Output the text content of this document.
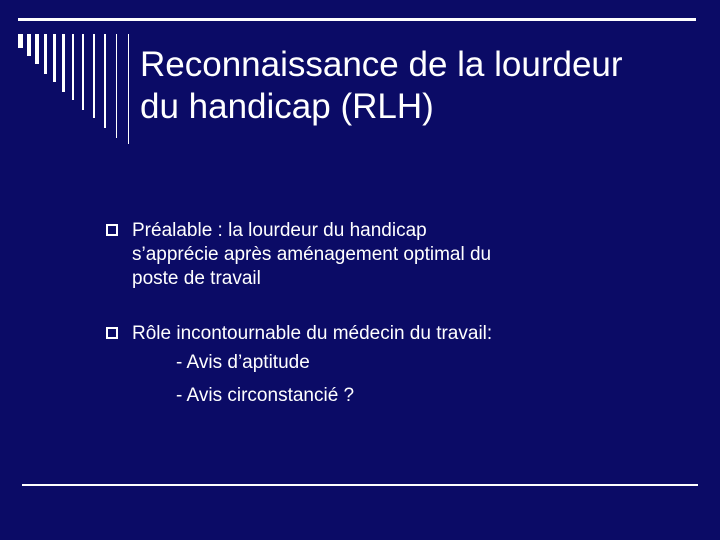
Reconnaissance de la lourdeur
du handicap (RLH)
Préalable : la lourdeur du handicap
s’apprécie après aménagement optimal du
poste de travail
Rôle incontournable du médecin du travail:
- Avis d’aptitude
- Avis circonstancié ?
